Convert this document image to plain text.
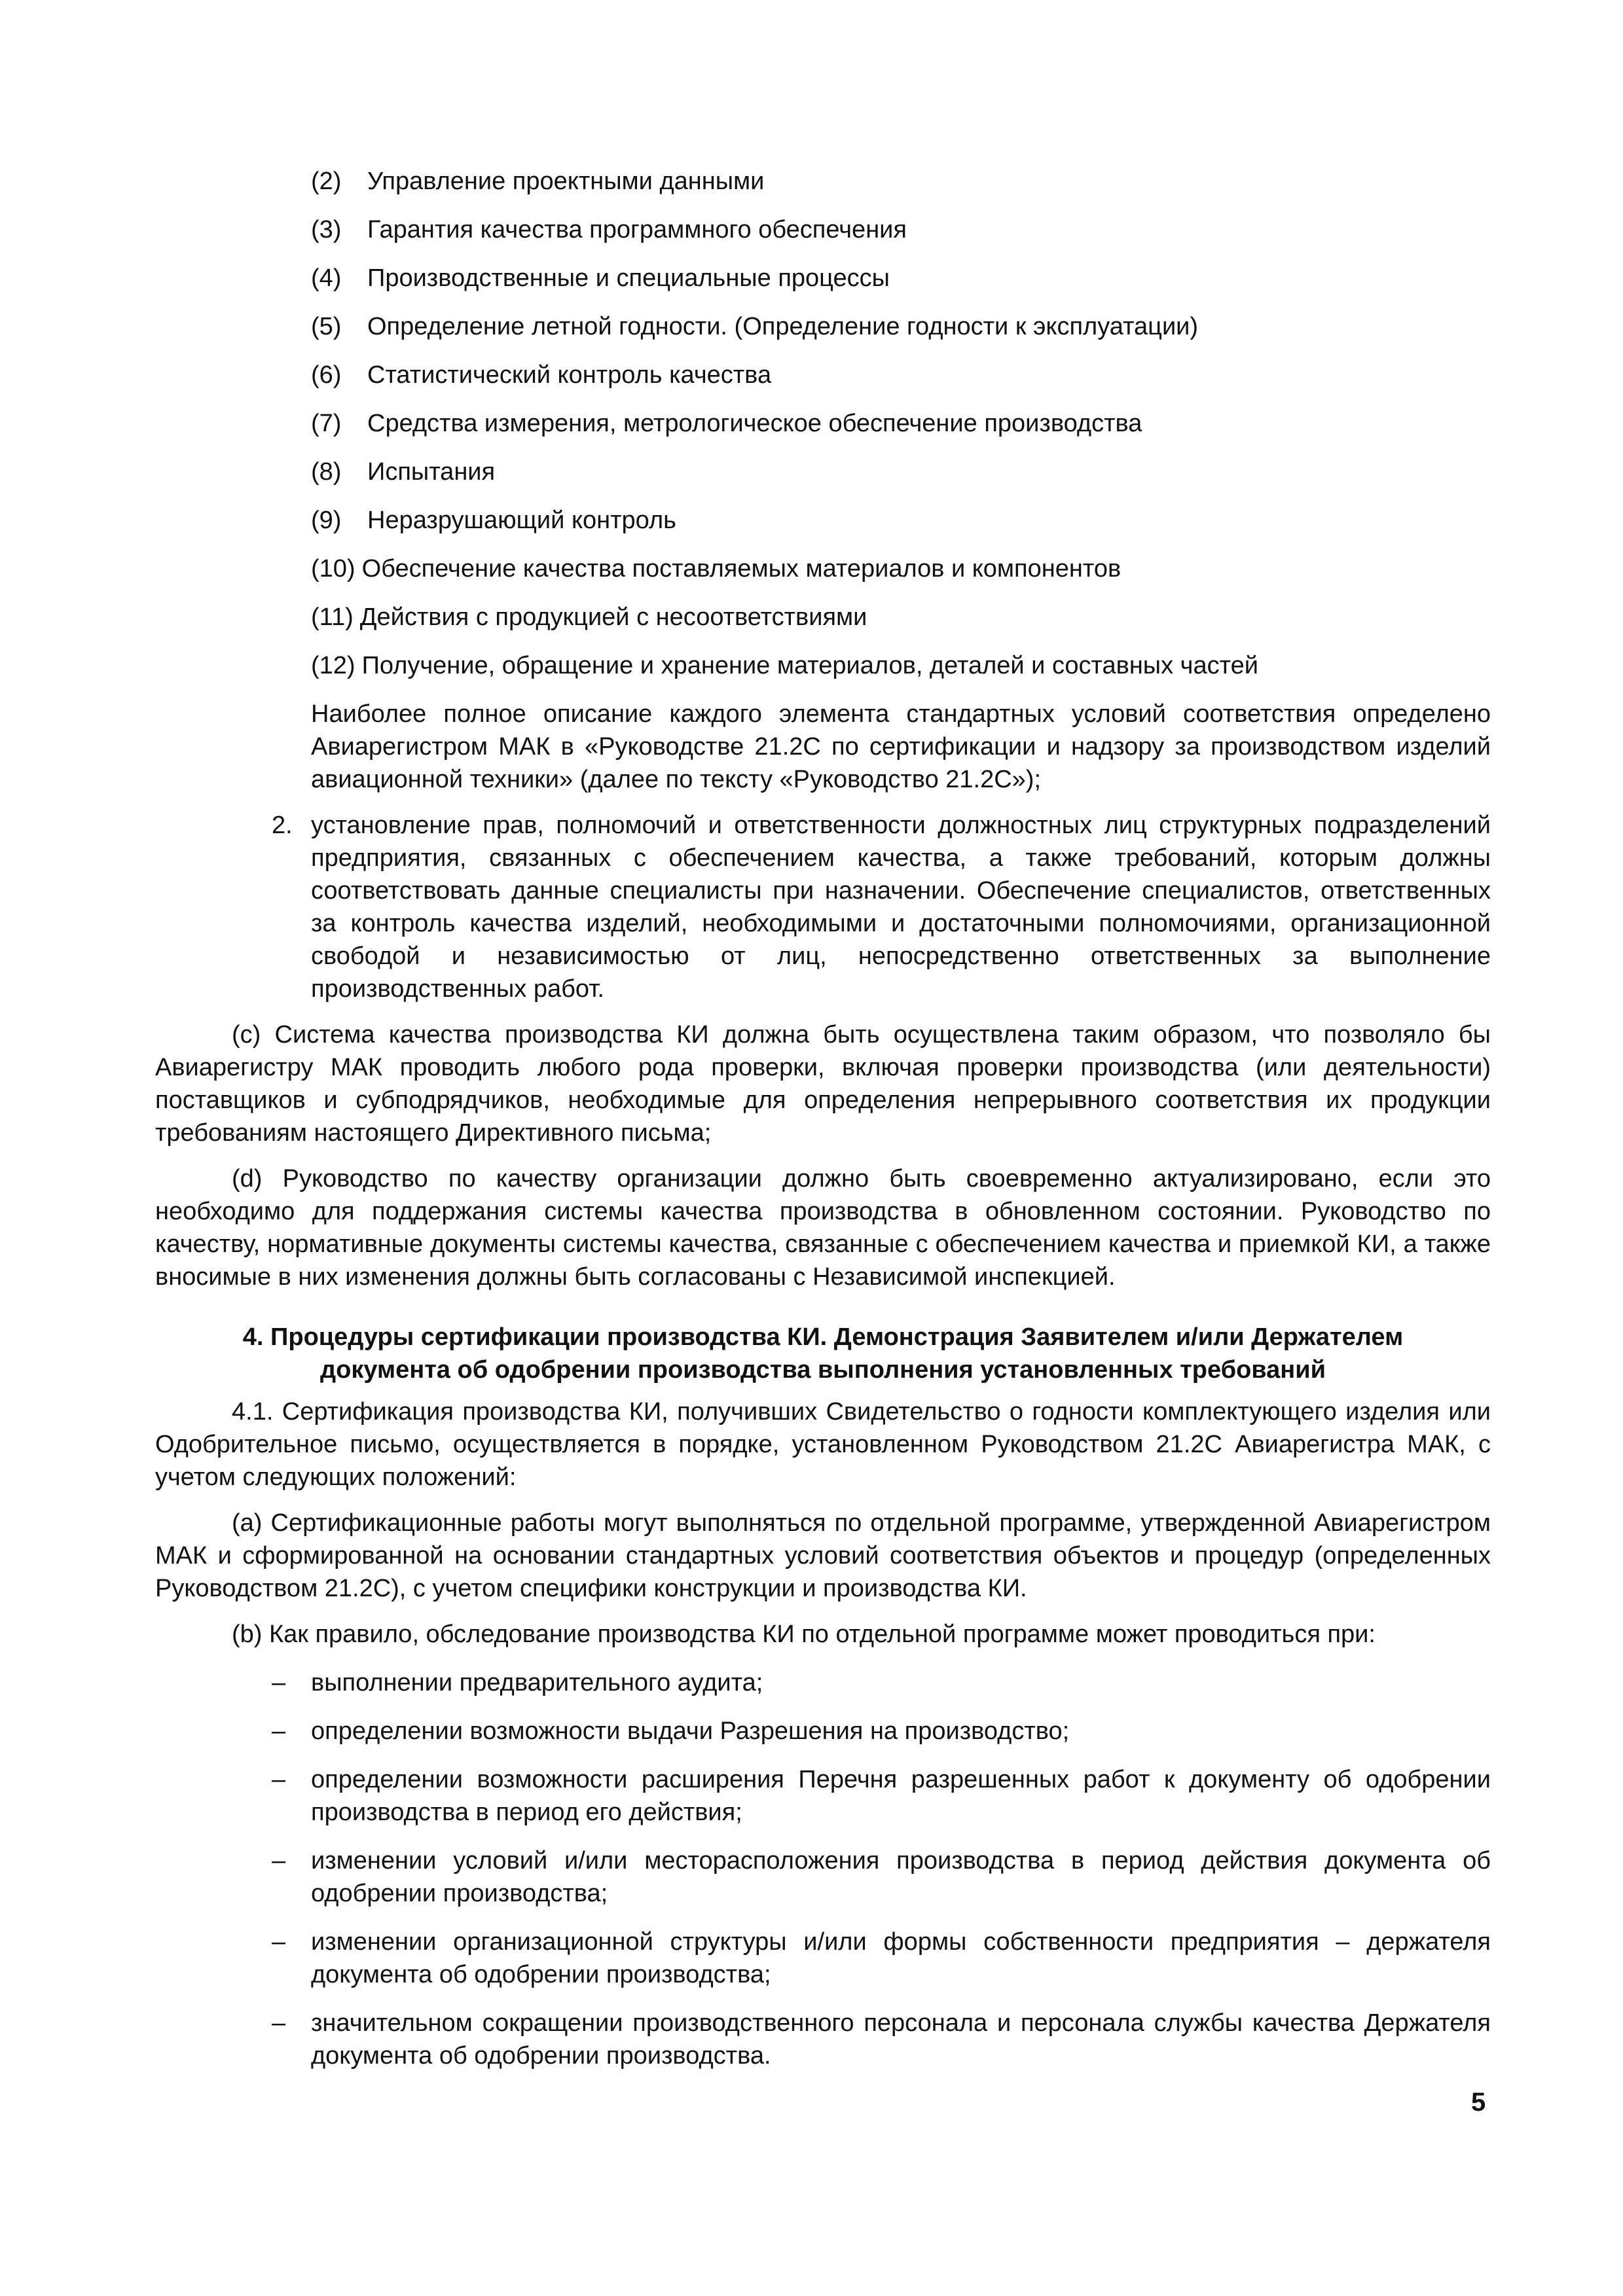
(2)	Управление проектными данными
(3)	Гарантия качества программного обеспечения
(4)	Производственные и специальные процессы
(5)	Определение летной годности. (Определение годности к эксплуатации)
(6)	Статистический контроль качества
(7)	Средства измерения, метрологическое обеспечение производства
(8)	Испытания
(9)	Неразрушающий контроль
(10) Обеспечение качества поставляемых материалов и компонентов
(11) Действия с продукцией с несоответствиями
(12) Получение, обращение и хранение материалов, деталей и составных частей

Наиболее полное описание каждого элемента стандартных условий соответствия определено Авиарегистром МАК в «Руководстве 21.2С по сертификации и надзору за производством изделий авиационной техники» (далее по тексту «Руководство 21.2С»);

2. установление прав, полномочий и ответственности должностных лиц структурных подразделений предприятия, связанных с обеспечением качества, а также требований, которым должны соответствовать данные специалисты при назначении. Обеспечение специалистов, ответственных за контроль качества изделий, необходимыми и достаточными полномочиями, организационной свободой и независимостью от лиц, непосредственно ответственных за выполнение производственных работ.

(c) Система качества производства КИ должна быть осуществлена таким образом, что позволяло бы Авиарегистру МАК проводить любого рода проверки, включая проверки производства (или деятельности) поставщиков и субподрядчиков, необходимые для определения непрерывного соответствия их продукции требованиям настоящего Директивного письма;

(d) Руководство по качеству организации должно быть своевременно актуализировано, если это необходимо для поддержания системы качества производства в обновленном состоянии. Руководство по качеству, нормативные документы системы качества, связанные с обеспечением качества и приемкой КИ, а также вносимые в них изменения должны быть согласованы с Независимой инспекцией.

4. Процедуры сертификации производства КИ. Демонстрация Заявителем и/или Держателем документа об одобрении производства выполнения установленных требований

4.1. Сертификация производства КИ, получивших Свидетельство о годности комплектующего изделия или Одобрительное письмо, осуществляется в порядке, установленном Руководством 21.2С Авиарегистра МАК, с учетом следующих положений:

(a) Сертификационные работы могут выполняться по отдельной программе, утвержденной Авиарегистром МАК и сформированной на основании стандартных условий соответствия объектов и процедур (определенных Руководством 21.2С), с учетом специфики конструкции и производства КИ.

(b) Как правило, обследование производства КИ по отдельной программе может проводиться при:

–	выполнении предварительного аудита;
–	определении возможности выдачи Разрешения на производство;
–	определении возможности расширения Перечня разрешенных работ к документу об одобрении производства в период его действия;
–	изменении условий и/или месторасположения производства в период действия документа об одобрении производства;
–	изменении организационной структуры и/или формы собственности предприятия – держателя документа об одобрении производства;
–	значительном сокращении производственного персонала и персонала службы качества Держателя документа об одобрении производства.
5
